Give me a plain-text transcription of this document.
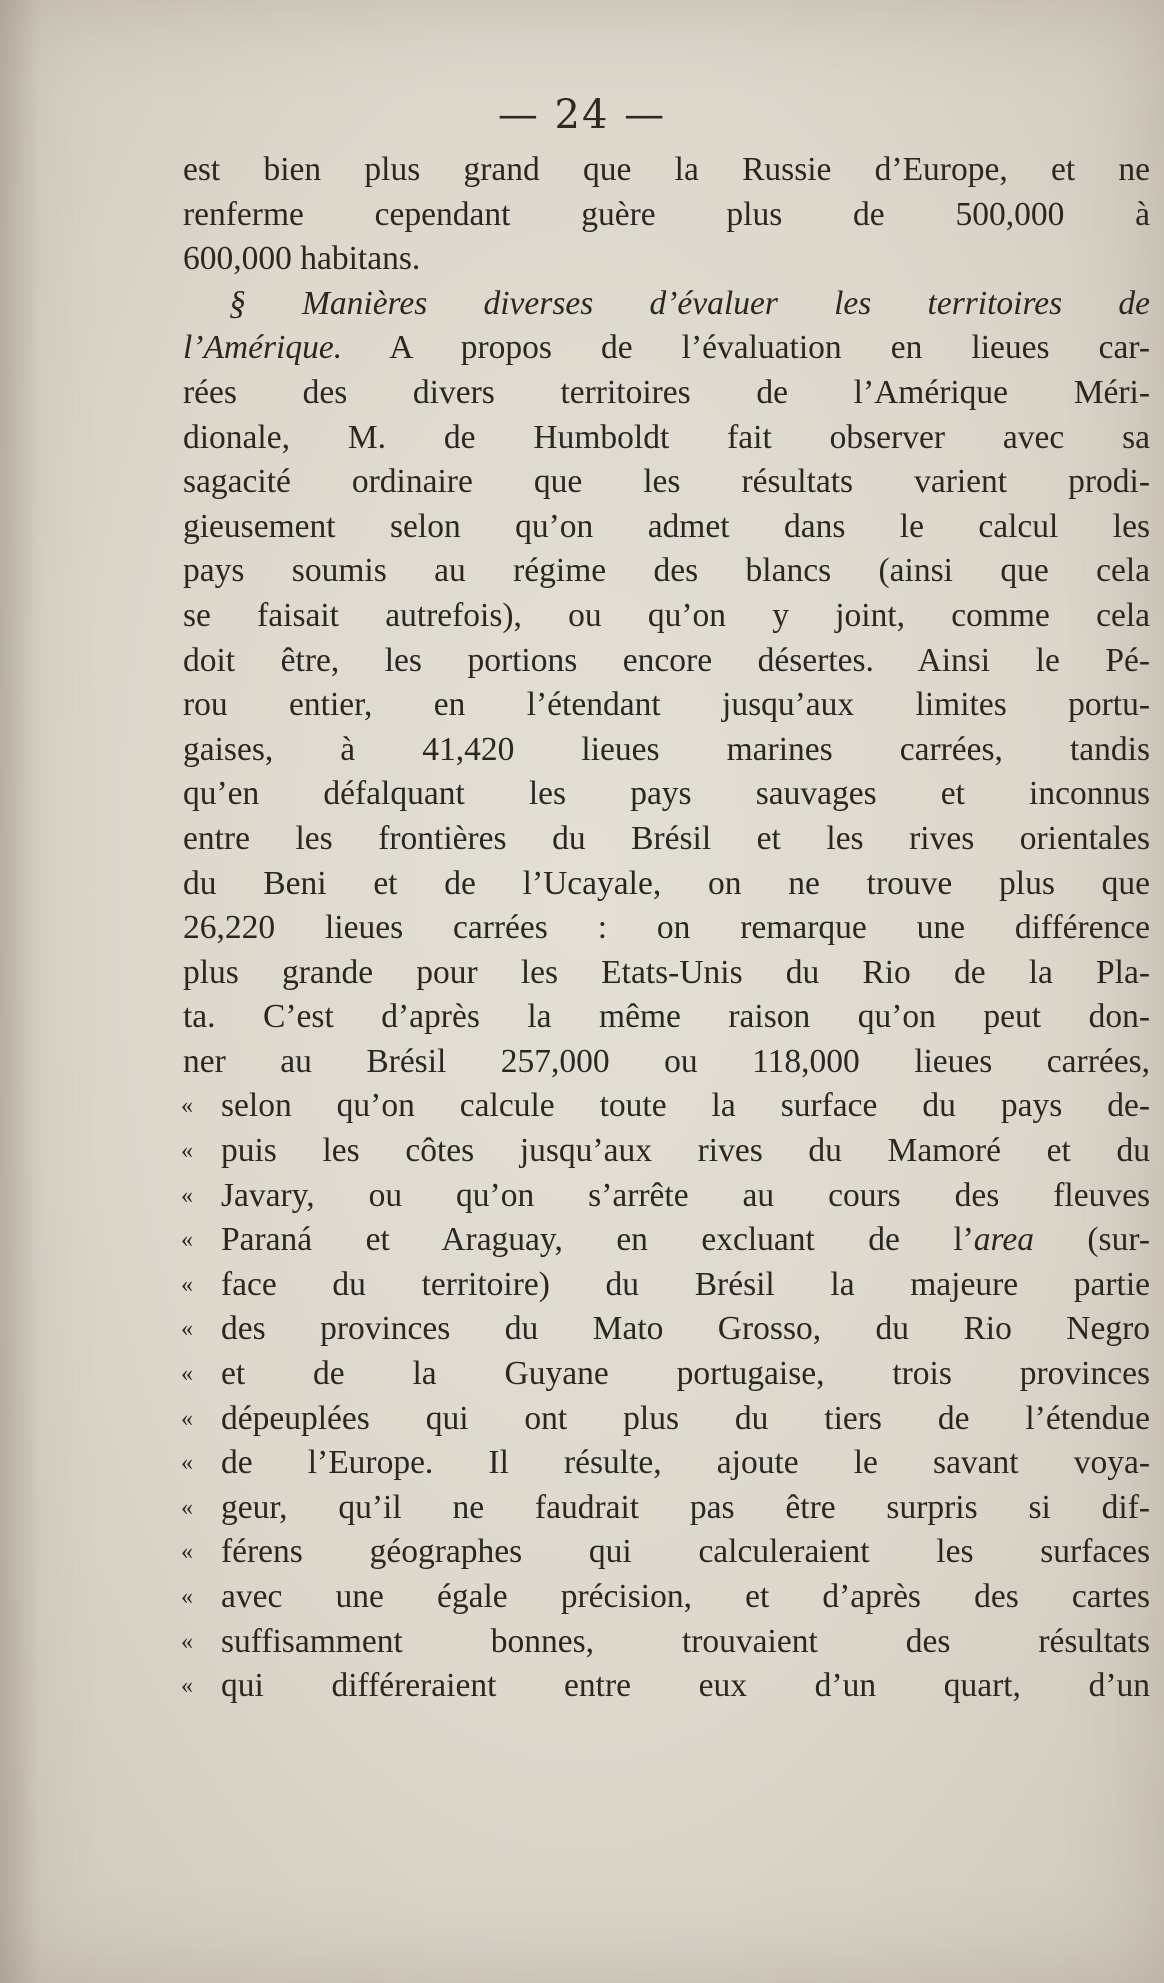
— 24 —
est bien plus grand que la Russie d’Europe, et ne
renferme cependant guère plus de 500,000 à
600,000 habitans.
§ Manières diverses d’évaluer les territoires de
l’Amérique. A propos de l’évaluation en lieues car-
rées des divers territoires de l’Amérique Méri-
dionale, M. de Humboldt fait observer avec sa
sagacité ordinaire que les résultats varient prodi-
gieusement selon qu’on admet dans le calcul les
pays soumis au régime des blancs (ainsi que cela
se faisait autrefois), ou qu’on y joint, comme cela
doit être, les portions encore désertes. Ainsi le Pé-
rou entier, en l’étendant jusqu’aux limites portu-
gaises, à 41,420 lieues marines carrées, tandis
qu’en défalquant les pays sauvages et inconnus
entre les frontières du Brésil et les rives orientales
du Beni et de l’Ucayale, on ne trouve plus que
26,220 lieues carrées : on remarque une différence
plus grande pour les Etats-Unis du Rio de la Pla-
ta. C’est d’après la même raison qu’on peut don-
ner au Brésil 257,000 ou 118,000 lieues carrées,
« selon qu’on calcule toute la surface du pays de-
« puis les côtes jusqu’aux rives du Mamoré et du
« Javary, ou qu’on s’arrête au cours des fleuves
« Paraná et Araguay, en excluant de l’area (sur-
« face du territoire) du Brésil la majeure partie
« des provinces du Mato Grosso, du Rio Negro
« et de la Guyane portugaise, trois provinces
« dépeuplées qui ont plus du tiers de l’étendue
« de l’Europe. Il résulte, ajoute le savant voya-
« geur, qu’il ne faudrait pas être surpris si dif-
« férens géographes qui calculeraient les surfaces
« avec une égale précision, et d’après des cartes
« suffisamment bonnes, trouvaient des résultats
« qui différeraient entre eux d’un quart, d’un
